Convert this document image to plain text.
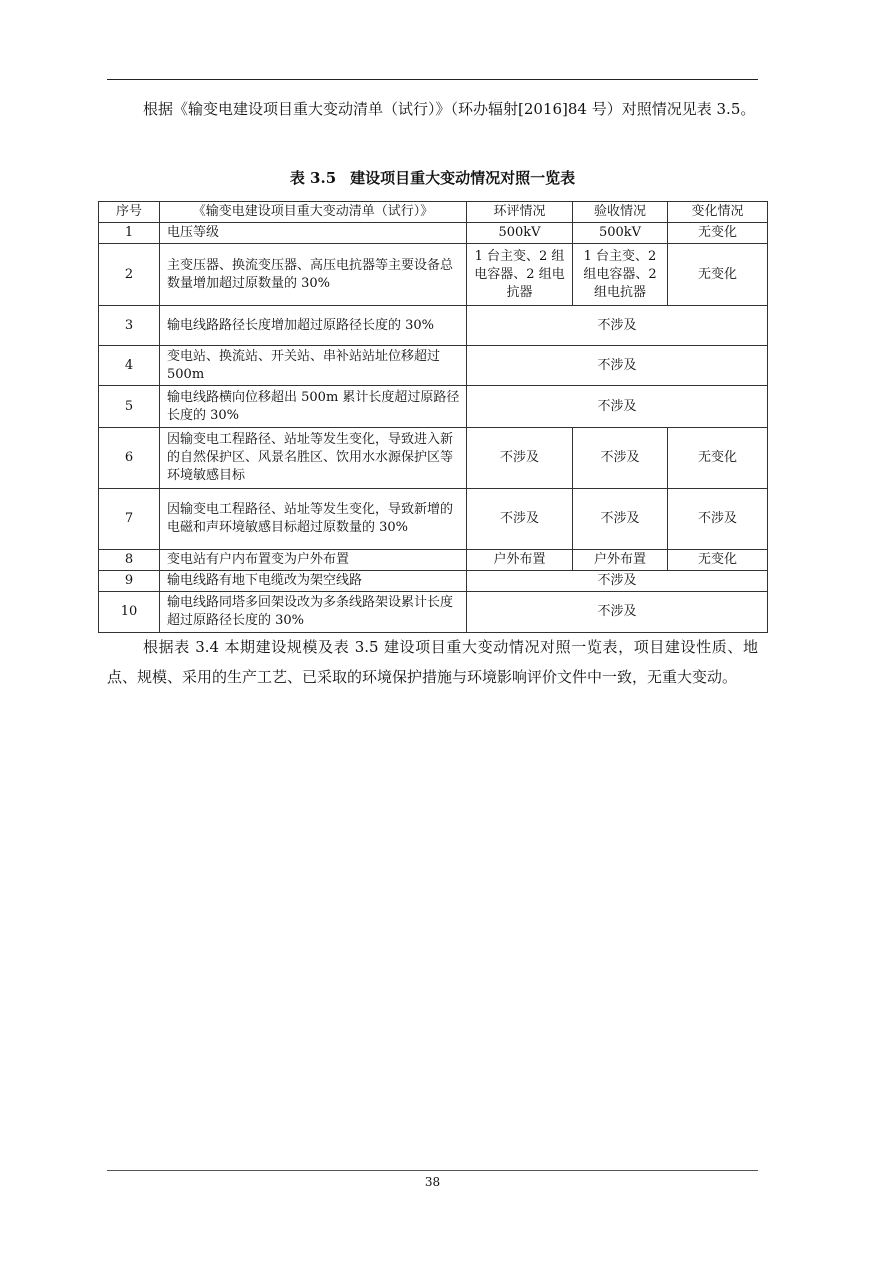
根据《输变电建设项目重大变动清单（试行）》（环办辐射[2016]84 号）对照情况见表 3.5。

表 3.5 建设项目重大变动情况对照一览表
序号	《输变电建设项目重大变动清单（试行）》	环评情况	验收情况	变化情况
1	电压等级	500kV	500kV	无变化
2	主变压器、换流变压器、高压电抗器等主要设备总数量增加超过原数量的 30%	1 台主变、2 组电容器、2 组电抗器	1 台主变、2 组电容器、2 组电抗器	无变化
3	输电线路路径长度增加超过原路径长度的 30%	不涉及		
4	变电站、换流站、开关站、串补站站址位移超过 500m	不涉及		
5	输电线路横向位移超出 500m 累计长度超过原路径长度的 30%	不涉及		
6	因输变电工程路径、站址等发生变化，导致进入新的自然保护区、风景名胜区、饮用水水源保护区等环境敏感目标	不涉及	不涉及	无变化
7	因输变电工程路径、站址等发生变化，导致新增的电磁和声环境敏感目标超过原数量的 30%	不涉及	不涉及	不涉及
8	变电站有户内布置变为户外布置	户外布置	户外布置	无变化
9	输电线路有地下电缆改为架空线路	不涉及		
10	输电线路同塔多回架设改为多条线路架设累计长度超过原路径长度的 30%	不涉及		

根据表 3.4 本期建设规模及表 3.5 建设项目重大变动情况对照一览表，项目建设性质、地点、规模、采用的生产工艺、已采取的环境保护措施与环境影响评价文件中一致，无重大变动。

38
